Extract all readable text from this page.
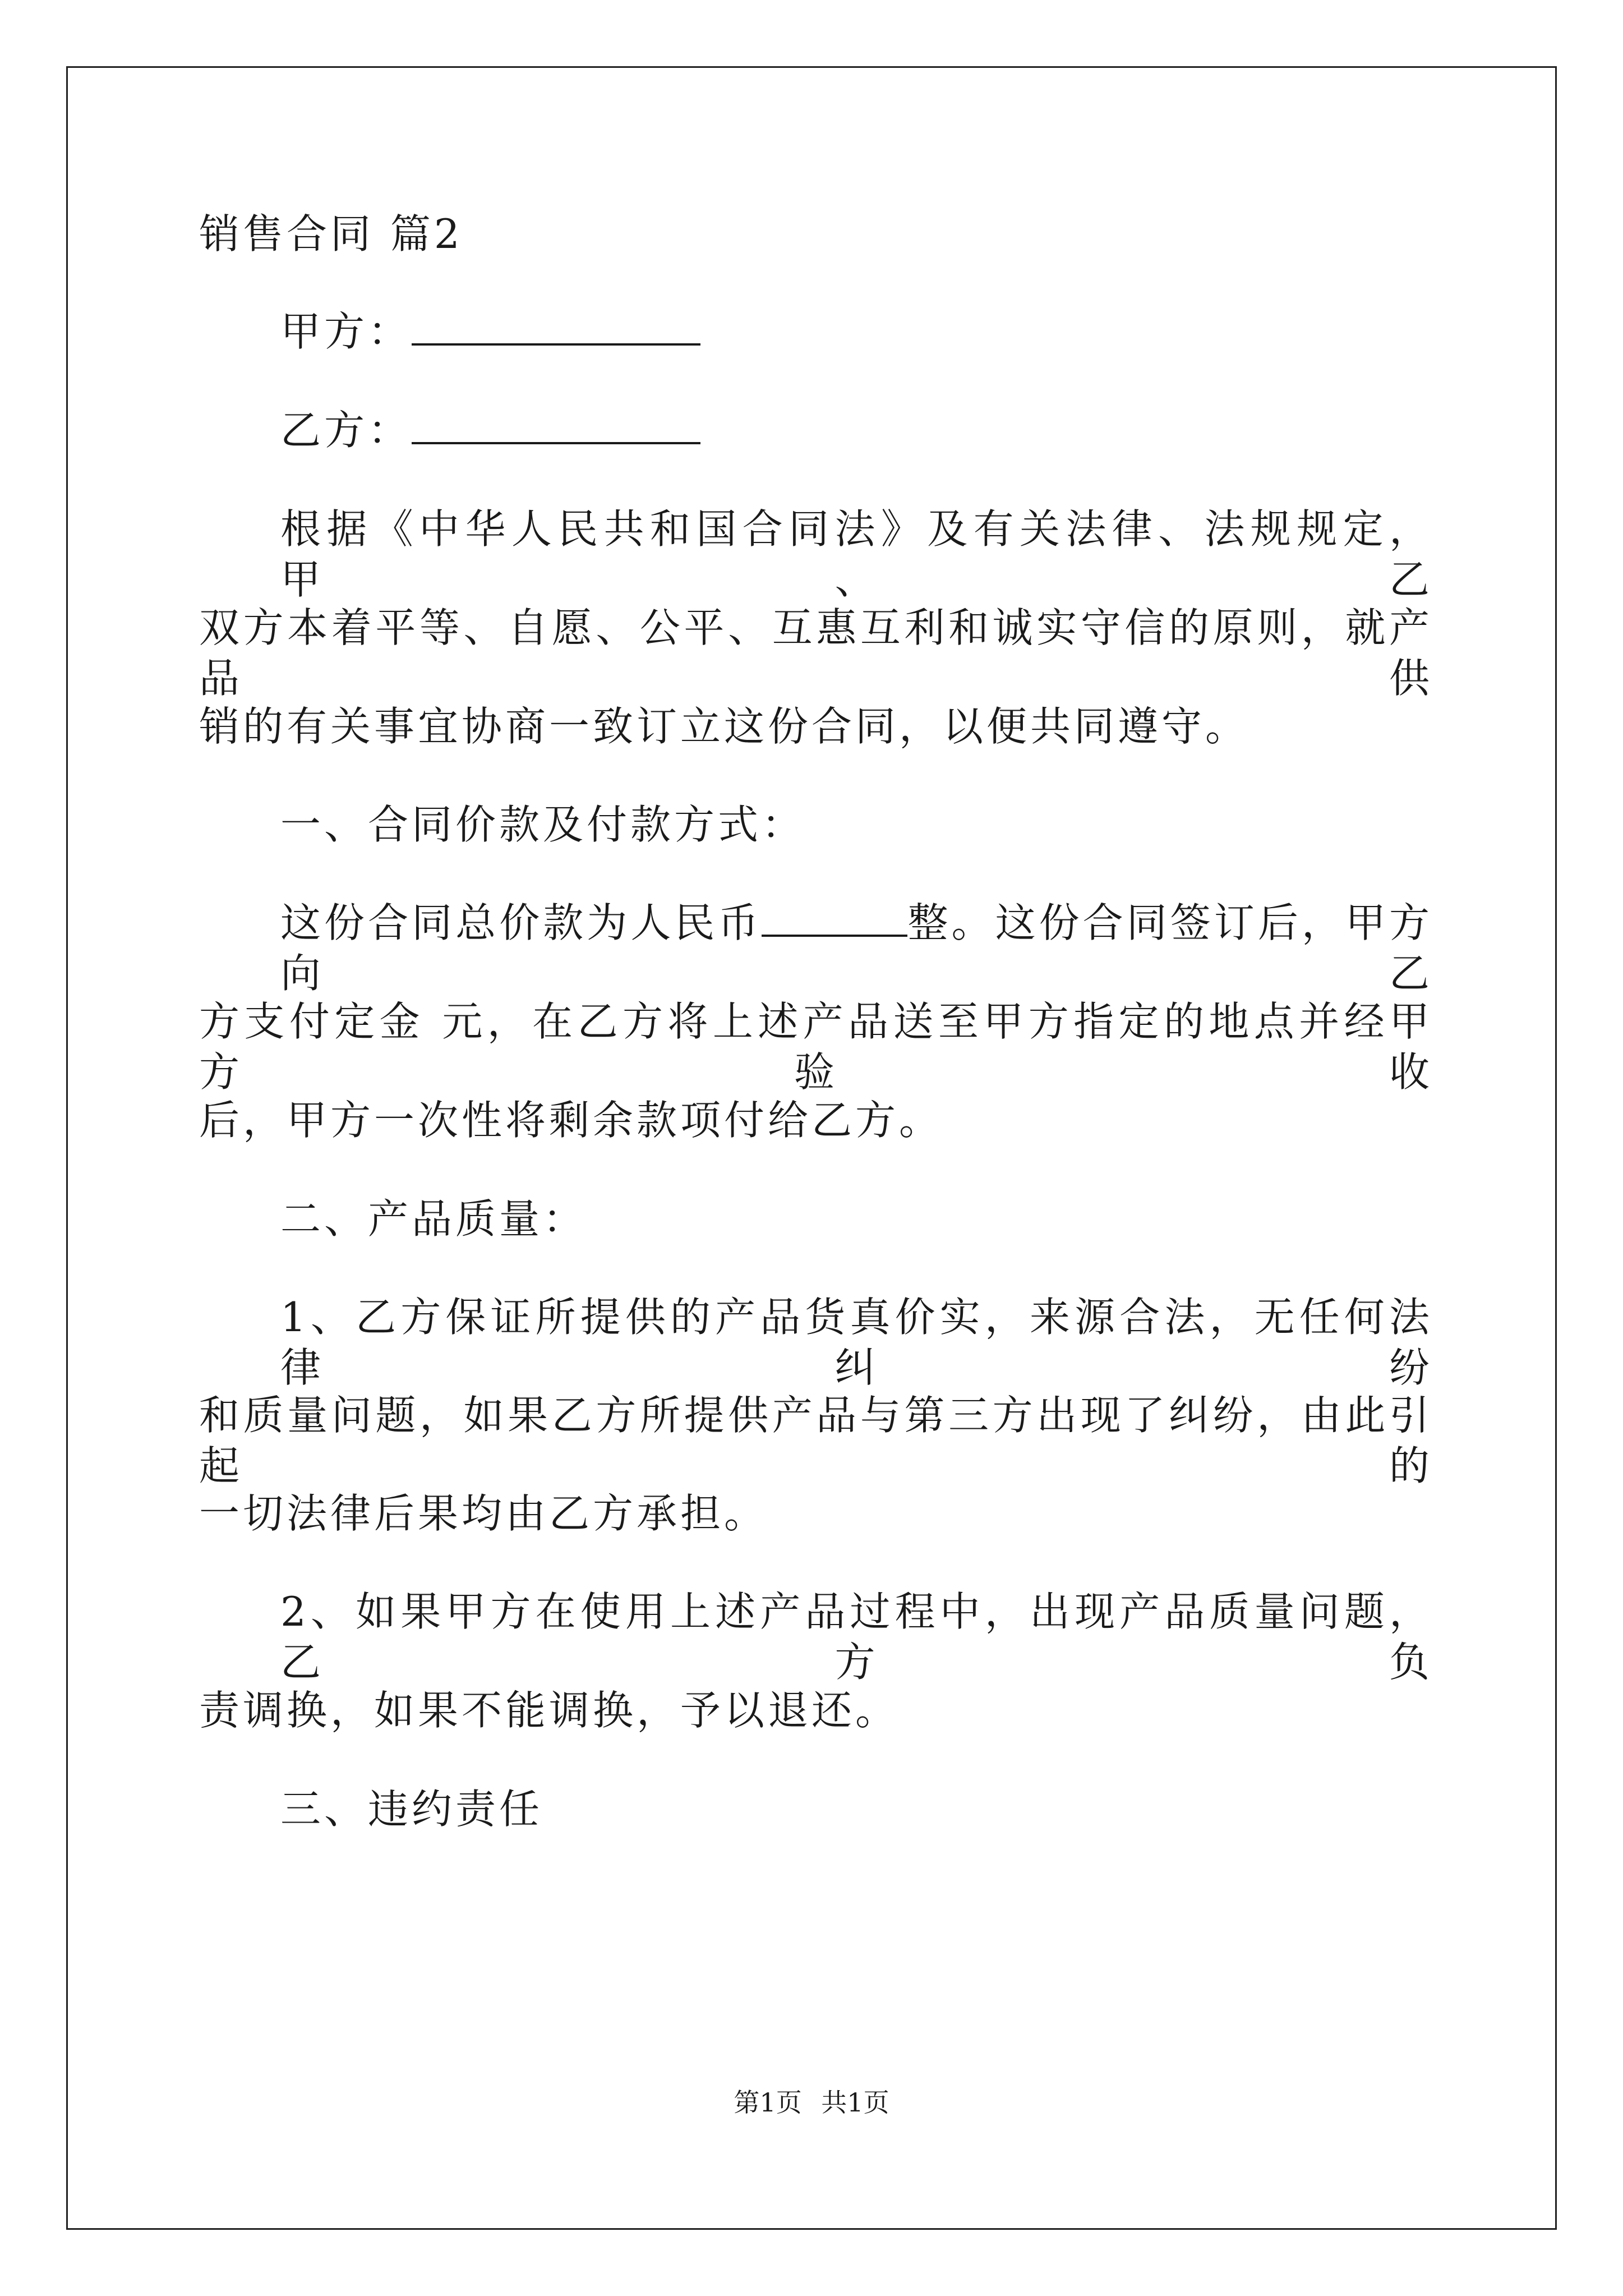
销售合同 篇2
甲方：
乙方：
根据《中华人民共和国合同法》及有关法律、法规规定，甲、乙
双方本着平等、自愿、公平、互惠互利和诚实守信的原则，就产品供
销的有关事宜协商一致订立这份合同，以便共同遵守。
一、合同价款及付款方式：
这份合同总价款为人民币	整。这份合同签订后，甲方向乙
方支付定金 元，在乙方将上述产品送至甲方指定的地点并经甲方验收
后，甲方一次性将剩余款项付给乙方。
二、产品质量：
1、乙方保证所提供的产品货真价实，来源合法，无任何法律纠纷
和质量问题，如果乙方所提供产品与第三方出现了纠纷，由此引起的
一切法律后果均由乙方承担。
2、如果甲方在使用上述产品过程中，出现产品质量问题，乙方负
责调换，如果不能调换，予以退还。
三、违约责任
第1页 共1页
